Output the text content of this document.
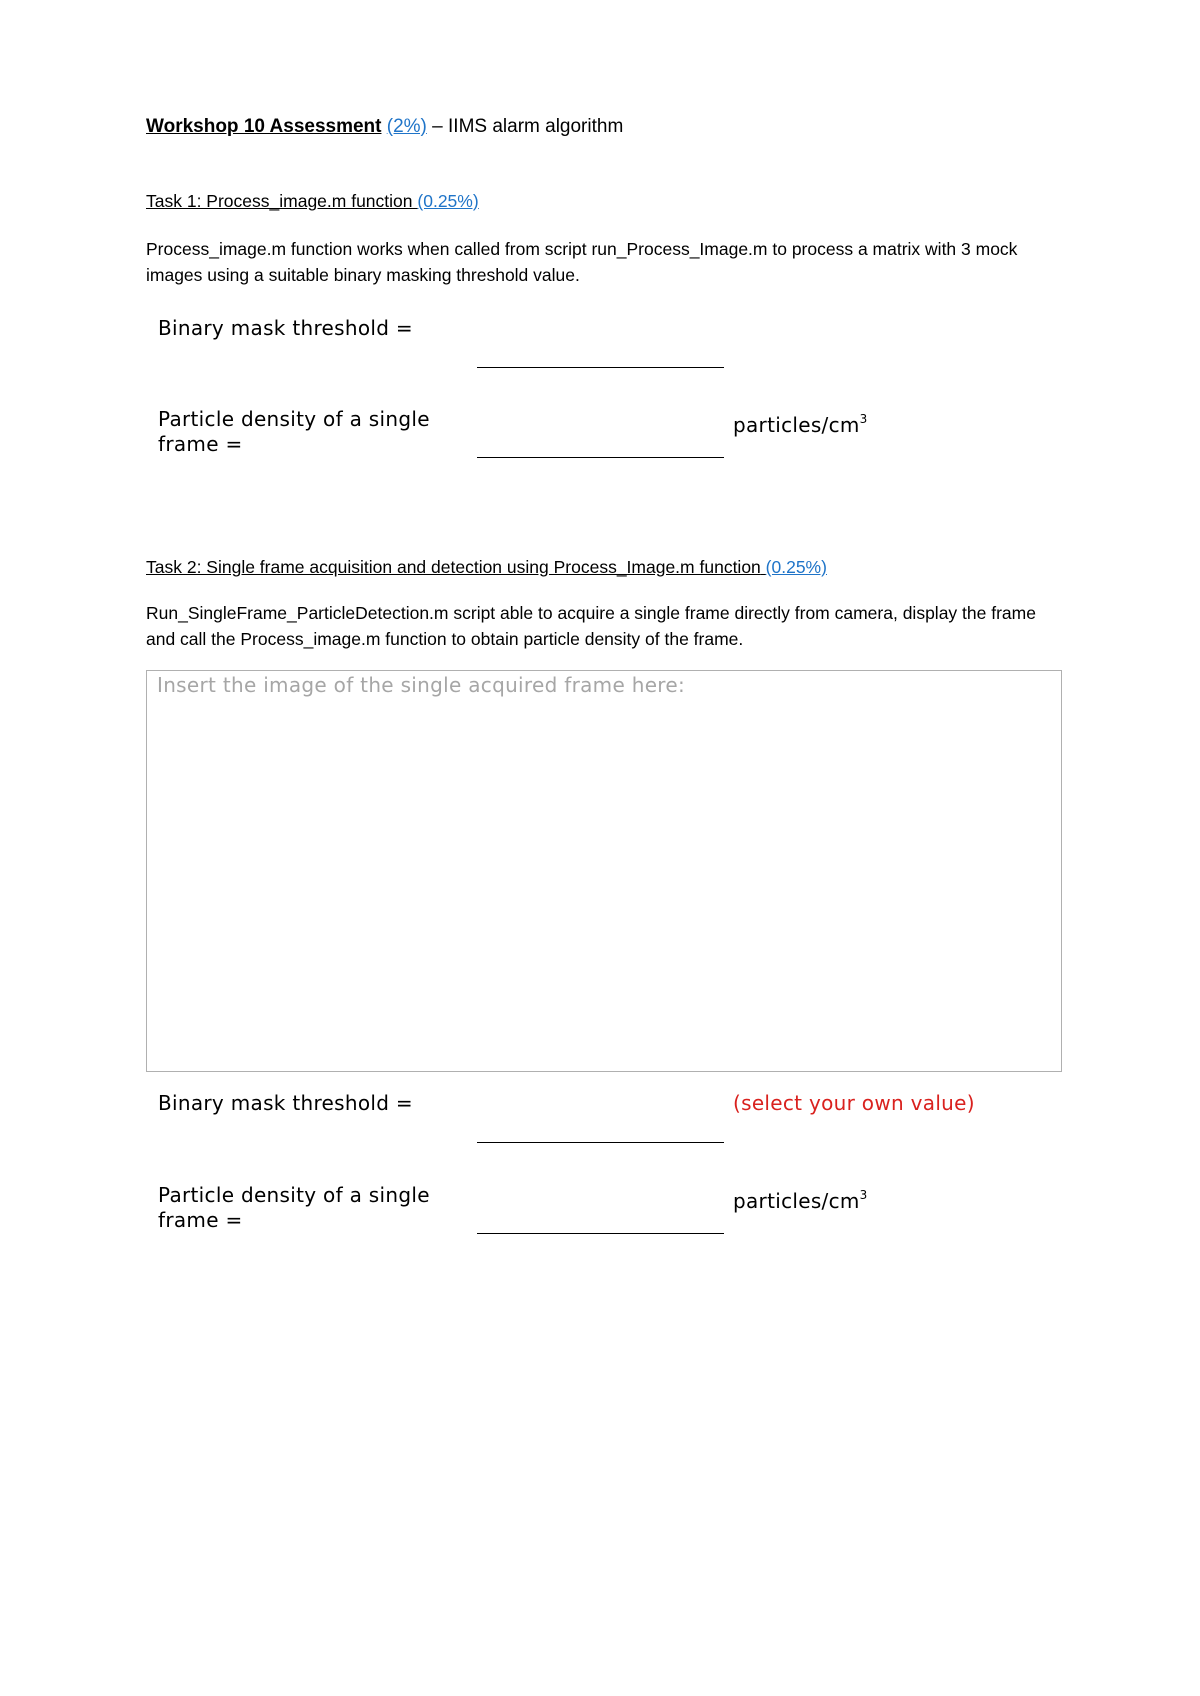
Workshop 10 Assessment (2%) – IIMS alarm algorithm
Task 1: Process_image.m function (0.25%)
Process_image.m function works when called from script run_Process_Image.m to process a matrix with 3 mock images using a suitable binary masking threshold value.
Binary mask threshold =
Particle density of a single frame =
particles/$cm^3$
Task 2: Single frame acquisition and detection using Process_Image.m function (0.25%)
Run_SingleFrame_ParticleDetection.m script able to acquire a single frame directly from camera, display the frame and call the Process_image.m function to obtain particle density of the frame.
Insert the image of the single acquired frame here:
Binary mask threshold =	(select your own value)
Particle density of a single frame =
particles/$cm^3$
